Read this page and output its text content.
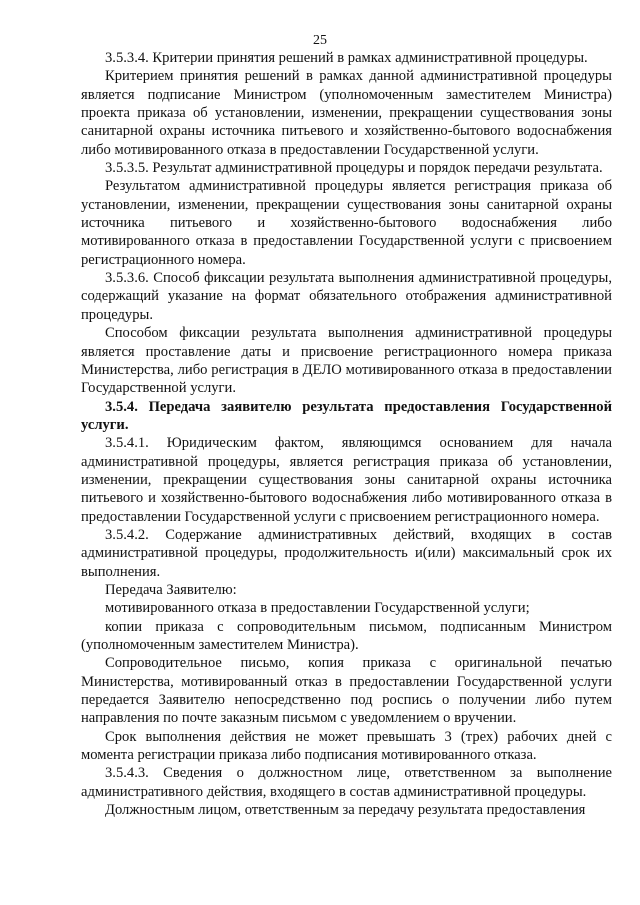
25

3.5.3.4. Критерии принятия решений в рамках административной процедуры.

Критерием принятия решений в рамках данной административной процедуры является подписание Министром (уполномоченным заместителем Министра) проекта приказа об установлении, изменении, прекращении существования зоны санитарной охраны источника питьевого и хозяйственно-бытового водоснабжения либо мотивированного отказа в предоставлении Государственной услуги.

3.5.3.5. Результат административной процедуры и порядок передачи результата.

Результатом административной процедуры является регистрация приказа об установлении, изменении, прекращении существования зоны санитарной охраны источника питьевого и хозяйственно-бытового водоснабжения либо мотивированного отказа в предоставлении Государственной услуги с присвоением регистрационного номера.

3.5.3.6. Способ фиксации результата выполнения административной процедуры, содержащий указание на формат обязательного отображения административной процедуры.

Способом фиксации результата выполнения административной процедуры является проставление даты и присвоение регистрационного номера приказа Министерства, либо регистрация в ДЕЛО мотивированного отказа в предоставлении Государственной услуги.

3.5.4. Передача заявителю результата предоставления Государственной услуги.

3.5.4.1. Юридическим фактом, являющимся основанием для начала административной процедуры, является регистрация приказа об установлении, изменении, прекращении существования зоны санитарной охраны источника питьевого и хозяйственно-бытового водоснабжения либо мотивированного отказа в предоставлении Государственной услуги с присвоением регистрационного номера.

3.5.4.2. Содержание административных действий, входящих в состав административной процедуры, продолжительность и(или) максимальный срок их выполнения.

Передача Заявителю:

мотивированного отказа в предоставлении Государственной услуги;

копии приказа с сопроводительным письмом, подписанным Министром (уполномоченным заместителем Министра).

Сопроводительное письмо, копия приказа с оригинальной печатью Министерства, мотивированный отказ в предоставлении Государственной услуги передается Заявителю непосредственно под роспись о получении либо путем направления по почте заказным письмом с уведомлением о вручении.

Срок выполнения действия не может превышать 3 (трех) рабочих дней с момента регистрации приказа либо подписания мотивированного отказа.

3.5.4.3. Сведения о должностном лице, ответственном за выполнение административного действия, входящего в состав административной процедуры.

Должностным лицом, ответственным за передачу результата предоставления
